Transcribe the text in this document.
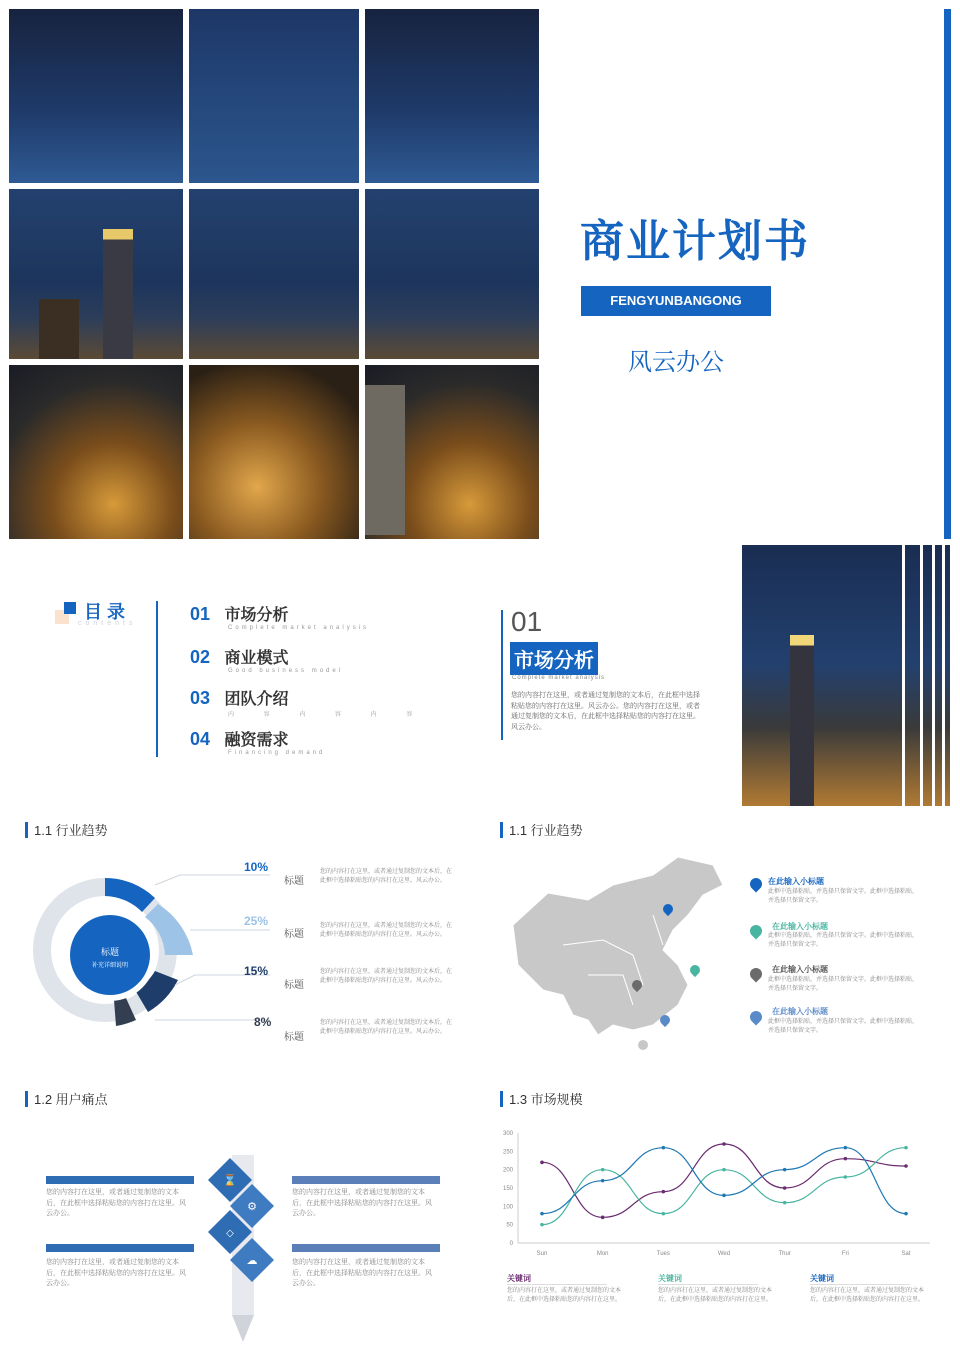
商业计划书
FENGYUNBANGONG
风云办公
目 录
contents	01 市场分析
Complete market analysis
02 商业模式
Good business model
03 团队介绍
内 容 内 容 内 容
04 融资需求
Financing demand
01
市场分析
Complete market analysis
您的内容打在这里，或者通过复制您的文本后，在此框中选择粘贴您的内容打在这里。风云办公。您的内容打在这里，或者通过复制您的文本后，在此框中选择粘贴您的内容打在这里。风云办公。
1.1 行业趋势
标题
补充详细说明
10%
标题
您的内容打在这里，或者通过复制您的文本后，在此框中选择粘贴您的内容打在这里。风云办公。
25%
标题
您的内容打在这里，或者通过复制您的文本后，在此框中选择粘贴您的内容打在这里。风云办公。
15%
标题
您的内容打在这里，或者通过复制您的文本后，在此框中选择粘贴您的内容打在这里。风云办公。
8%
标题
您的内容打在这里，或者通过复制您的文本后，在此框中选择粘贴您的内容打在这里。风云办公。
1.1 行业趋势
在此输入小标题
此框中选择粘贴，并选择只保留文字。此框中选择粘贴，并选择只保留文字。
在此输入小标题
此框中选择粘贴，并选择只保留文字。此框中选择粘贴，并选择只保留文字。
在此输入小标题
此框中选择粘贴，并选择只保留文字。此框中选择粘贴，并选择只保留文字。
在此输入小标题
此框中选择粘贴，并选择只保留文字。此框中选择粘贴，并选择只保留文字。
1.2 用户痛点
您的内容打在这里，或者通过复制您的文本后，在此框中选择粘贴您的内容打在这里。风云办公。
您的内容打在这里，或者通过复制您的文本后，在此框中选择粘贴您的内容打在这里。风云办公。
您的内容打在这里，或者通过复制您的文本后，在此框中选择粘贴您的内容打在这里。风云办公。
您的内容打在这里，或者通过复制您的文本后，在此框中选择粘贴您的内容打在这里。风云办公。
⌛
⚙
◇
☁
1.3 市场规模
0
50
100
150
200
250
300
Sun	Mon	Tues	Wed	Thur	Fri	Sat
关键词
您的内容打在这里，或者通过复制您的文本后，在此框中选择粘贴您的内容打在这里。
关键词
您的内容打在这里，或者通过复制您的文本后，在此框中选择粘贴您的内容打在这里。
关键词
您的内容打在这里，或者通过复制您的文本后，在此框中选择粘贴您的内容打在这里。
